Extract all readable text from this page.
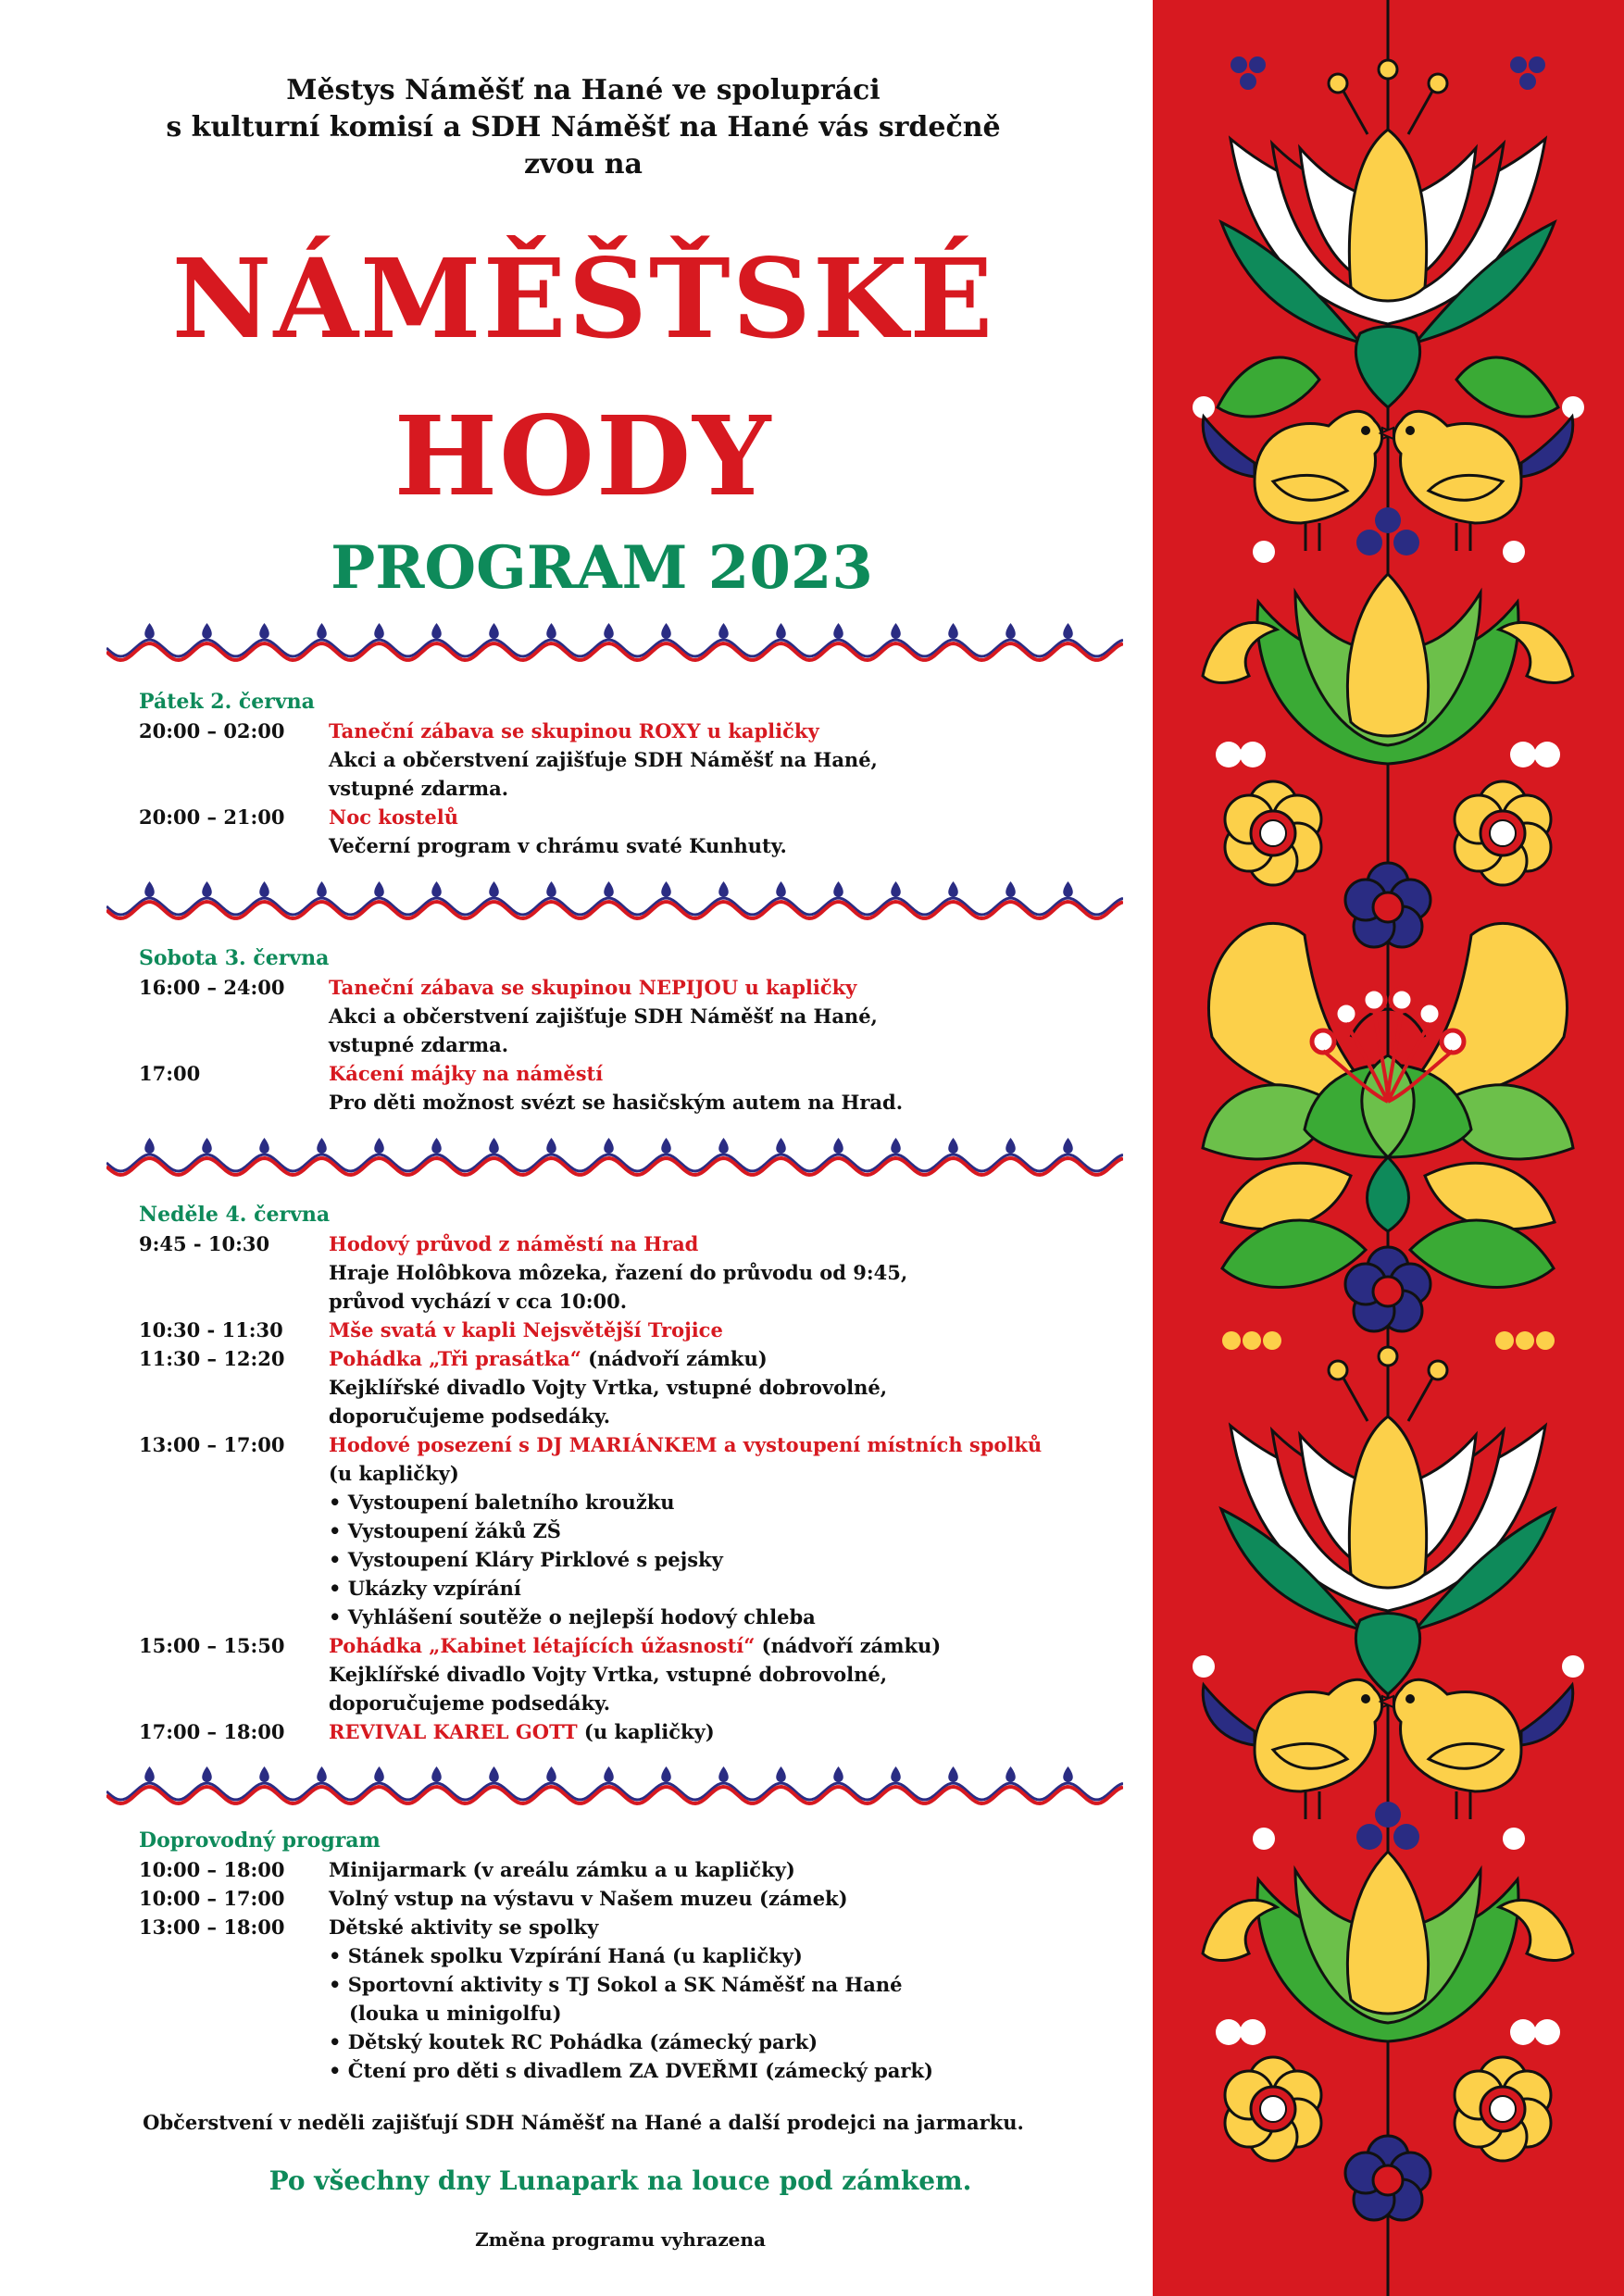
Městys Náměšť na Hané ve spolupráci
s kulturní komisí a SDH Náměšť na Hané vás srdečně
zvou na
NÁMĚŠŤSKÉ
HODY
PROGRAM 2023
Pátek 2. června
20:00 – 02:00	Taneční zábava se skupinou ROXY u kapličky
Akci a občerstvení zajišťuje SDH Náměšť na Hané,
vstupné zdarma.
20:00 – 21:00	Noc kostelů
Večerní program v chrámu svaté Kunhuty.
Sobota 3. června
16:00 – 24:00	Taneční zábava se skupinou NEPIJOU u kapličky
Akci a občerstvení zajišťuje SDH Náměšť na Hané,
vstupné zdarma.
17:00	Kácení májky na náměstí
Pro děti možnost svézt se hasičským autem na Hrad.
Neděle 4. června
9:45 - 10:30	Hodový průvod z náměstí na Hrad
Hraje Holôbkova môzeka, řazení do průvodu od 9:45,
průvod vychází v cca 10:00.
10:30 - 11:30	Mše svatá v kapli Nejsvětější Trojice
11:30 – 12:20	Pohádka „Tři prasátka“ (nádvoří zámku)
Kejklířské divadlo Vojty Vrtka, vstupné dobrovolné,
doporučujeme podsedáky.
13:00 – 17:00	Hodové posezení s DJ MARIÁNKEM a vystoupení místních spolků
(u kapličky)
• Vystoupení baletního kroužku
• Vystoupení žáků ZŠ
• Vystoupení Kláry Pirklové s pejsky
• Ukázky vzpírání
• Vyhlášení soutěže o nejlepší hodový chleba
15:00 – 15:50	Pohádka „Kabinet létajících úžasností“ (nádvoří zámku)
Kejklířské divadlo Vojty Vrtka, vstupné dobrovolné,
doporučujeme podsedáky.
17:00 – 18:00	REVIVAL KAREL GOTT (u kapličky)
Doprovodný program
10:00 – 18:00	Minijarmark (v areálu zámku a u kapličky)
10:00 – 17:00	Volný vstup na výstavu v Našem muzeu (zámek)
13:00 – 18:00	Dětské aktivity se spolky
• Stánek spolku Vzpírání Haná (u kapličky)
• Sportovní aktivity s TJ Sokol a SK Náměšť na Hané
(louka u minigolfu)
• Dětský koutek RC Pohádka (zámecký park)
• Čtení pro děti s divadlem ZA DVEŘMI (zámecký park)
Občerstvení v neděli zajišťují SDH Náměšť na Hané a další prodejci na jarmarku.
Po všechny dny Lunapark na louce pod zámkem.
Změna programu vyhrazena
